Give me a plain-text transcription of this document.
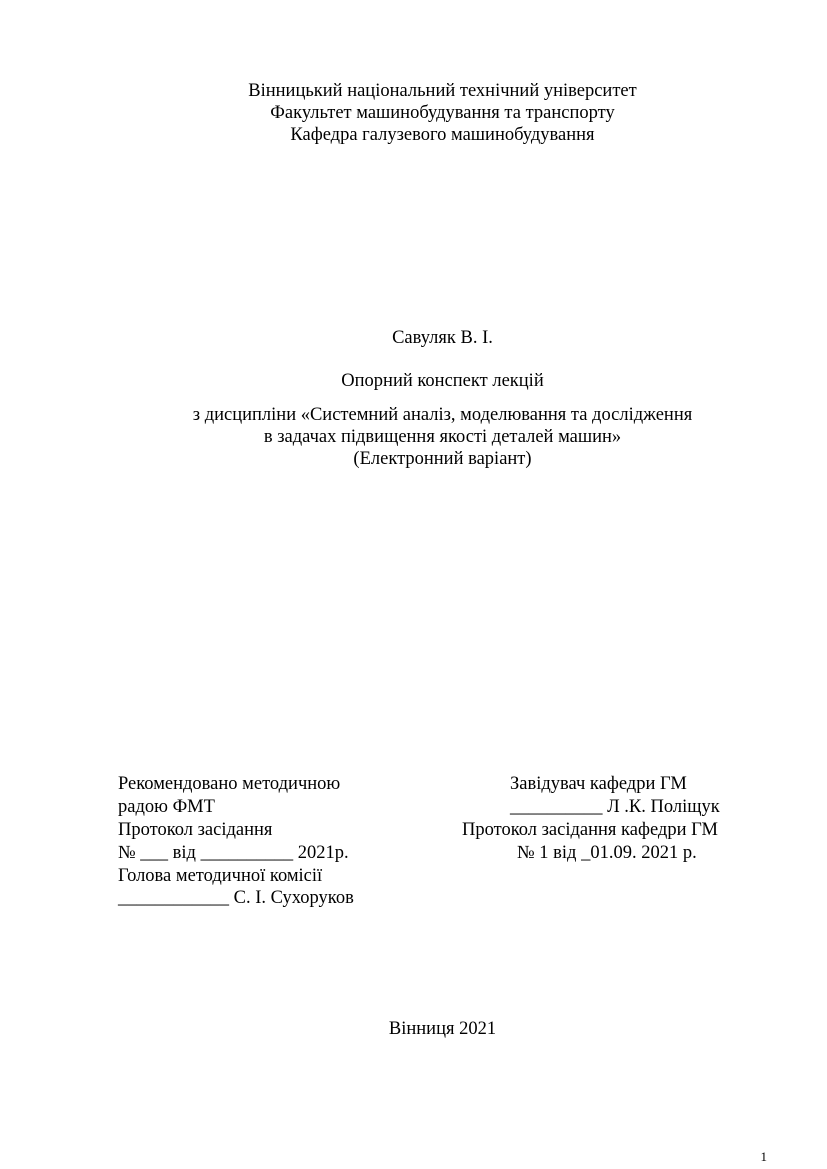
Вінницький національний технічний університет
Факультет машинобудування та транспорту
Кафедра галузевого машинобудування
Савуляк В. І.
Опорний конспект лекцій
з дисципліни «Системний аналіз, моделювання та дослідження
в задачах підвищення якості деталей машин»
(Електронний варіант)
Рекомендовано методичною
радою ФМТ
Протокол засідання
№ ___ від __________ 2021р.
Голова методичної комісії
____________ С. І. Сухоруков
Завідувач кафедри ГМ
__________ Л .К. Поліщук
Протокол засідання кафедри ГМ
№ 1 від _01.09. 2021 р.
Вінниця 2021
1
